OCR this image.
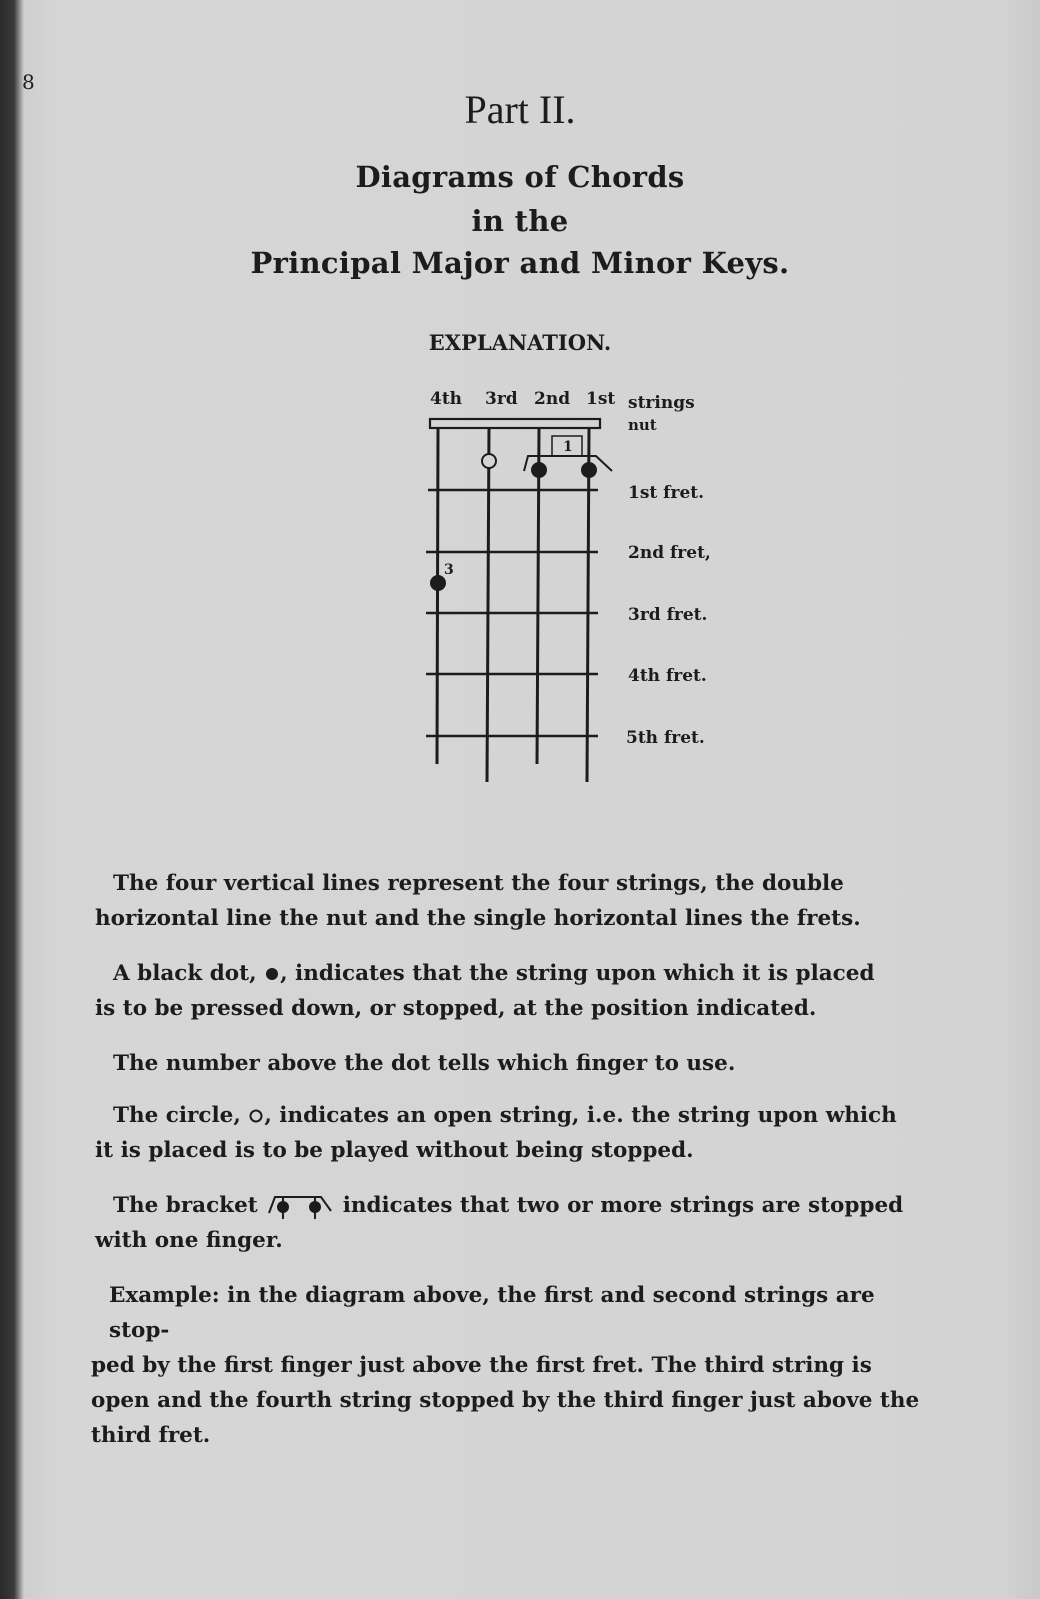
8
Part II.
Diagrams of Chords
in the
Principal Major and Minor Keys.
EXPLANATION.
4th 3rd 2nd 1st strings
nut
1
3
1st fret.
2nd fret,
3rd fret.
4th fret.
5th fret.
The four vertical lines represent the four strings, the double
horizontal line the nut and the single horizontal lines the frets.
A black dot, , indicates that the string upon which it is placed
is to be pressed down, or stopped, at the position indicated.
The number above the dot tells which finger to use.
The circle, , indicates an open string, i.e. the string upon which
it is placed is to be played without being stopped.
The bracket	indicates that two or more strings are stopped
with one finger.
Example: in the diagram above, the first and second strings are stop-
ped by the first finger just above the first fret. The third string is
open and the fourth string stopped by the third finger just above the
third fret.
